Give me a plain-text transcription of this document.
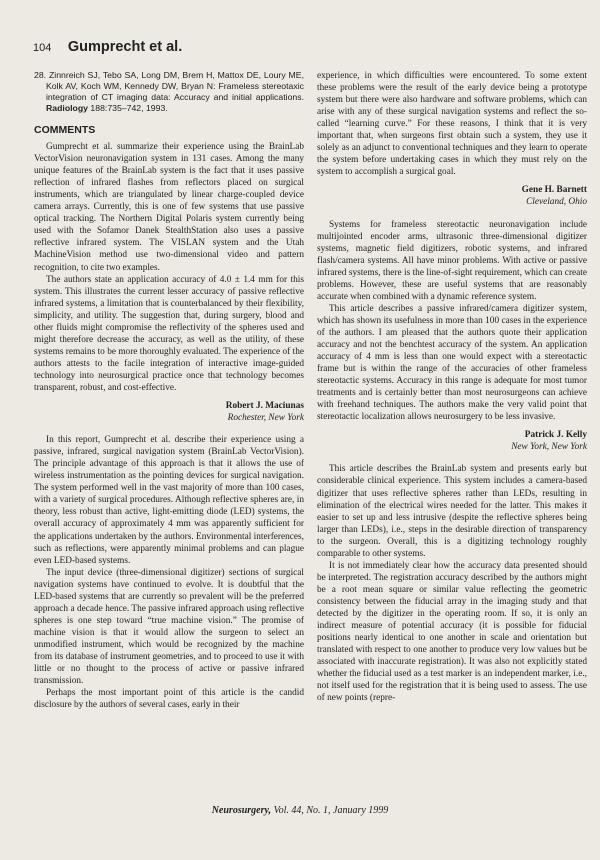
104 Gumprecht et al.

28. Zinnreich SJ, Tebo SA, Long DM, Brem H, Mattox DE, Loury ME, Kolk AV, Koch WM, Kennedy DW, Bryan N: Frameless stereotaxic integration of CT imaging data: Accuracy and initial applications. Radiology 188:735–742, 1993.

COMMENTS

Gumprecht et al. summarize their experience using the BrainLab VectorVision neuronavigation system in 131 cases. Among the many unique features of the BrainLab system is the fact that it uses passive reflection of infrared flashes from reflectors placed on surgical instruments, which are triangulated by linear charge-coupled device camera arrays. Currently, this is one of few systems that use passive optical tracking. The Northern Digital Polaris system currently being used with the Sofamor Danek StealthStation also uses a passive reflective infrared system. The VISLAN system and the Utah MachineVision method use two-dimensional video and pattern recognition, to cite two examples.

The authors state an application accuracy of 4.0 ± 1.4 mm for this system. This illustrates the current lesser accuracy of passive reflective infrared systems, a limitation that is counterbalanced by their flexibility, simplicity, and utility. The suggestion that, during surgery, blood and other fluids might compromise the reflectivity of the spheres used and might therefore decrease the accuracy, as well as the utility, of these systems remains to be more thoroughly evaluated. The experience of the authors attests to the facile integration of interactive image-guided technology into neurosurgical practice once that technology becomes transparent, robust, and cost-effective.

Robert J. Maciunas
Rochester, New York

In this report, Gumprecht et al. describe their experience using a passive, infrared, surgical navigation system (BrainLab VectorVision). The principle advantage of this approach is that it allows the use of wireless instrumentation as the pointing devices for surgical navigation. The system performed well in the vast majority of more than 100 cases, with a variety of surgical procedures. Although reflective spheres are, in theory, less robust than active, light-emitting diode (LED) systems, the overall accuracy of approximately 4 mm was apparently sufficient for the applications undertaken by the authors. Environmental interferences, such as reflections, were apparently minimal problems and can plague even LED-based systems.

The input device (three-dimensional digitizer) sections of surgical navigation systems have continued to evolve. It is doubtful that the LED-based systems that are currently so prevalent will be the preferred approach a decade hence. The passive infrared approach using reflective spheres is one step toward “true machine vision.” The promise of machine vision is that it would allow the surgeon to select an unmodified instrument, which would be recognized by the machine from its database of instrument geometries, and to proceed to use it with little or no thought to the process of active or passive infrared transmission.

Perhaps the most important point of this article is the candid disclosure by the authors of several cases, early in their

experience, in which difficulties were encountered. To some extent these problems were the result of the early device being a prototype system but there were also hardware and software problems, which can arise with any of these surgical navigation systems and reflect the so-called “learning curve.” For these reasons, I think that it is very important that, when surgeons first obtain such a system, they use it solely as an adjunct to conventional techniques and they learn to operate the system before undertaking cases in which they must rely on the system to accomplish a surgical goal.

Gene H. Barnett
Cleveland, Ohio

Systems for frameless stereotactic neuronavigation include multijointed encoder arms, ultrasonic three-dimensional digitizer systems, magnetic field digitizers, robotic systems, and infrared flash/camera systems. All have minor problems. With active or passive infrared systems, there is the line-of-sight requirement, which can create problems. However, these are useful systems that are reasonably accurate when combined with a dynamic reference system.

This article describes a passive infrared/camera digitizer system, which has shown its usefulness in more than 100 cases in the experience of the authors. I am pleased that the authors quote their application accuracy and not the benchtest accuracy of the system. An application accuracy of 4 mm is less than one would expect with a stereotactic frame but is within the range of the accuracies of other frameless stereotactic systems. Accuracy in this range is adequate for most tumor treatments and is certainly better than most neurosurgeons can achieve with freehand techniques. The authors make the very valid point that stereotactic localization allows neurosurgery to be less invasive.

Patrick J. Kelly
New York, New York

This article describes the BrainLab system and presents early but considerable clinical experience. This system includes a camera-based digitizer that uses reflective spheres rather than LEDs, resulting in elimination of the electrical wires needed for the latter. This makes it easier to set up and less intrusive (despite the reflective spheres being larger than LEDs), i.e., steps in the desirable direction of transparency to the surgeon. Overall, this is a digitizing technology roughly comparable to other systems.

It is not immediately clear how the accuracy data presented should be interpreted. The registration accuracy described by the authors might be a root mean square or similar value reflecting the geometric consistency between the fiducial array in the imaging study and that detected by the digitizer in the operating room. If so, it is only an indirect measure of potential accuracy (it is possible for fiducial positions nearly identical to one another in scale and orientation but translated with respect to one another to produce very low values but be associated with inaccurate registration). It was also not explicitly stated whether the fiducial used as a test marker is an independent marker, i.e., not itself used for the registration that it is being used to assess. The use of new points (repre-

Neurosurgery, Vol. 44, No. 1, January 1999
